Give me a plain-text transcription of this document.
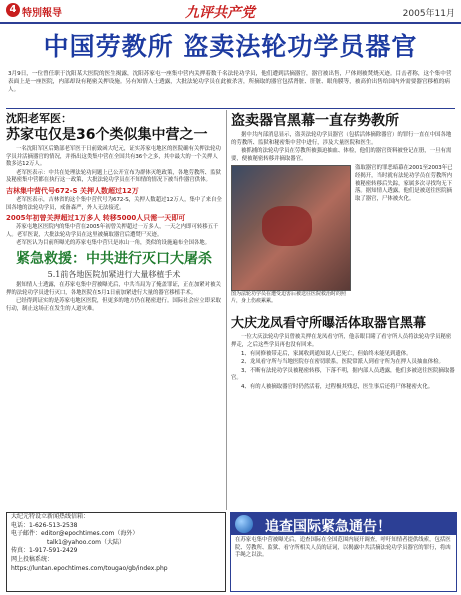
4 特別報导	九评共产党	2005年11月
中国劳教所 盗卖法轮功学员器官
3月9日，一位曾任职于沈阳某大医院的医生揭露，沈阳苏家屯一座集中营内关押着数千名法轮功学员，他们遭到活摘器官，器官被出售，尸体则被焚烧灭迹。目击者称，这个集中营表面上是一座医院，内部却设有秘密关押设施。另有知情人士透露，大批法轮功学员在此被杀害，所摘取的器官包括肾脏、肝脏、眼角膜等，被高价出售给国内外需要器官移植的病人。
沈阳老军医：
苏家屯仅是36个类似集中营之一

一名沈阳军区后勤部老军医于日前致函大纪元，证实苏家屯地区的医院确有关押法轮功学员并活摘器官的情况，并指出这类集中营在全国共有36个之多，其中最大的一个关押人数多达12万人。

老军医表示：中共在处理法轮功问题上已公开宣布为群体灭绝政策，各地劳教所、监狱及秘密集中营都在执行这一政策，大批法轮功学员在不知情的情况下被当作器官供体。

吉林集中营代号672-S 关押人数超过12万

老军医表示，吉林省的这个集中营代号为672-S，关押人数超过12万人，集中了来自全国各地的法轮功学员，戒备森严，外人无法接近。

2005年初曾关押超过1万多人 转移5000人只需一天即可

苏家屯地区医院内的集中营在2005年初曾关押超过一万多人，一天之内即可转移五千人。老军医说，大批法轮功学员在这里被摘取器官后遭焚尸灭迹。

老军医认为目前所曝光的苏家屯集中营只是冰山一角，类似的设施遍布全国各地。

紧急救援：中共进行灭口大屠杀
5.1前各地医院加紧进行大量移植手术

据知情人士透露，在苏家屯集中营被曝光后，中共当局为了掩盖罪证，正在加紧对被关押的法轮功学员进行灭口，各地医院在5月1日前加紧进行大量的器官移植手术。

已经得到证实的是苏家屯地区医院，但更多的地方仍在秘密进行。国际社会应立即采取行动，制止这场正在发生的人道灾难。

盗卖器官黑幕一直存势教所

据中共内部消息显示，盗卖法轮功学员器官（包括活体摘除器官）的罪行一直在中国各地的劳教所、监狱和秘密集中营中进行，涉及大量医院和医生。

被抓捕的法轮功学员在劳教所被强迫抽血、体检，他们的器官资料被登记在册，一旦有需要，便被秘密转移并摘取器官。

图为法轮功学员在遭受迫害后被送往医院救治时的照片，身上伤痕累累。
盗取器官的罪恶暗幕在2001至2003年已经揭开，当时就有法轮功学员在劳教所内被秘密转移后失踪，家属多次寻找均无下落。据知情人透露，他们是被送往医院摘取了器官，尸体被火化。
大庆龙凤看守所曝活体取器官黑幕

一位大庆法轮功学员曾被关押在龙凤看守所，他亲眼目睹了看守所人员将法轮功学员秘密押走，之后这些学员再也没有回来。

1、有同修被带走后，家属收到通知说人已死亡，但始终未能见到遗体。

2、龙凤看守所与当地医院存在密切联系，医院常派人到看守所为在押人员抽血体检。

3、不断有法轮功学员被秘密转移，下落不明，据内部人员透露，他们多被送往医院摘取器官。

4、有的人被摘取器官时仍然活着，过程极其残忍，医生事后还将尸体秘密火化。

大纪元特设立新闻热线信箱：
电话：1-626-513-2538
电子邮件：editor@epochtimes.com（海外）
talk1@yahoo.com（大陆）
传真：1-917-591-2429
网上投稿系统：
https://luntan.epochtimes.com/tougao/gb/index.php
追查国际紧急通告！
在苏家屯集中营被曝光后，追查国际在全国范围内展开调查，呼吁知情者提供线索，包括医院、劳教所、监狱、看守所相关人员的证词，以揭露中共活摘法轮功学员器官的罪行，将凶手绳之以法。
